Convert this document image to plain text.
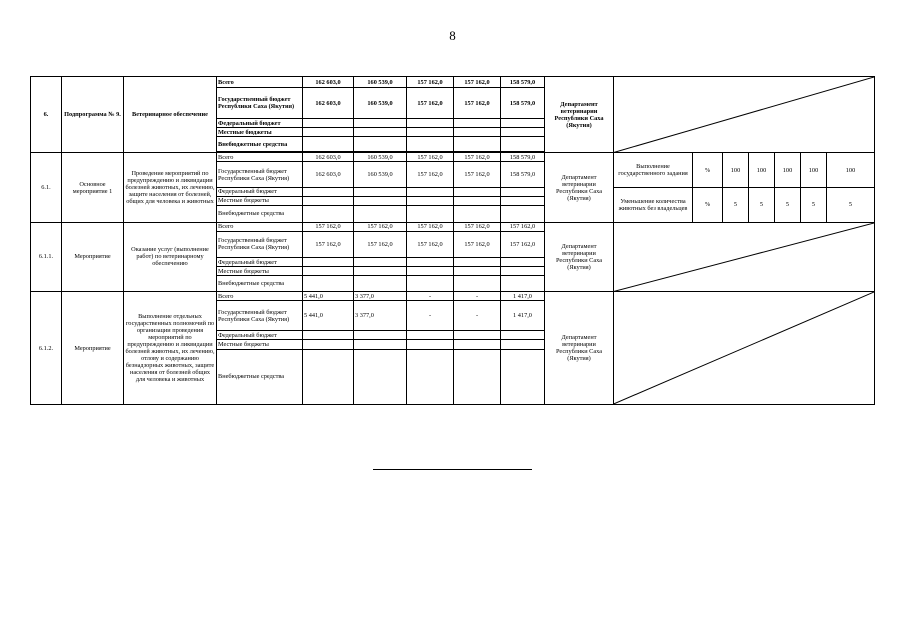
8
6.	Подпрограмма № 9.	Ветеринарное обеспечение	Всего	162 603,0	160 539,0	157 162,0	157 162,0	158 579,0	Департамент ветеринарии Республики Саха (Якутия)	

			Государственный бюджет Республики Саха (Якутия)	162 603,0	160 539,0	157 162,0	157 162,0	158 579,0								
			Федеральный бюджет													
			Местные бюджеты													
			Внебюджетные средства													

6.1.	Основное мероприятие 1	Проведение мероприятий по предупреждению и ликвидации болезней животных, их лечению, защите населения от болезней, общих для человека и животных	Всего	162 603,0	160 539,0	157 162,0	157 162,0	158 579,0	Департамент ветеринарии Республики Саха (Якутия)	Выполнение государственного задания	%	100	100	100	100	100
			Государственный бюджет Республики Саха (Якутия)	162 603,0	160 539,0	157 162,0	157 162,0	158 579,0								
			Федеральный бюджет							Уменьшение количества животных без владельцев	%	5	5	5	5	5
			Местные бюджеты													
			Внебюджетные средства													
6.1.1.	Мероприятие	Оказание услуг (выполнение работ) по ветеринарному обеспечению	Всего	157 162,0	157 162,0	157 162,0	157 162,0	157 162,0	Департамент ветеринарии Республики Саха (Якутия)	

			Государственный бюджет Республики Саха (Якутия)	157 162,0	157 162,0	157 162,0	157 162,0	157 162,0								
			Федеральный бюджет													
			Местные бюджеты													
			Внебюджетные средства													
6.1.2.	Мероприятие	Выполнение отдельных государственных полномочий по организации проведения мероприятий по предупреждению и ликвидации болезней животных, их лечению, отлову и содержанию безнадзорных животных, защите населения от болезней общих для человека и животных	Всего	5 441,0	3 377,0	-	-	1 417,0	Департамент ветеринарии Республики Саха (Якутия)	

			Государственный бюджет Республики Саха (Якутия)	5 441,0	3 377,0	-	-	1 417,0								
			Федеральный бюджет													
			Местные бюджеты													
			Внебюджетные средства													
